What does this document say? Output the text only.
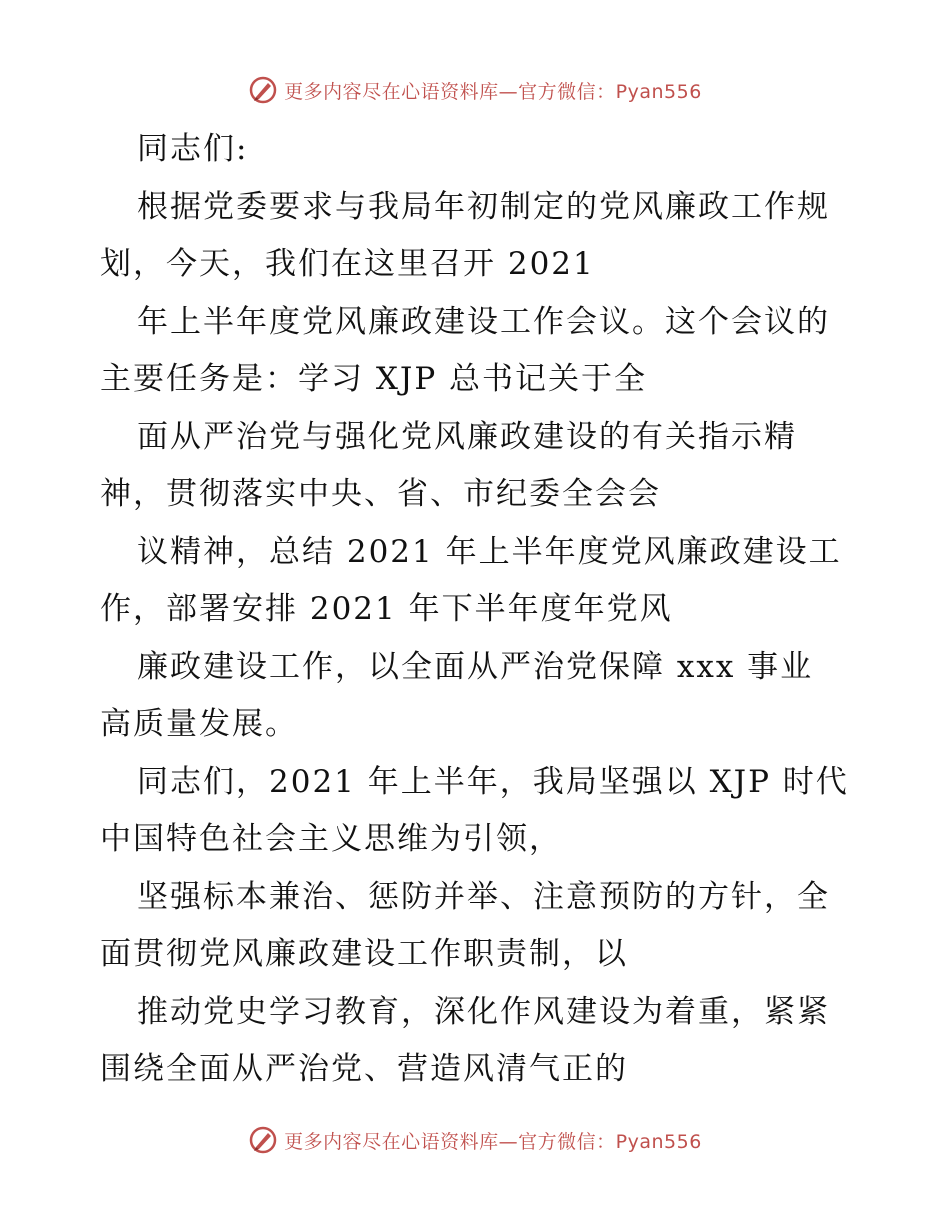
更多内容尽在心语资料库—官方微信：Pyan556
同志们:
根据党委要求与我局年初制定的党风廉政工作规
划，今天，我们在这里召开 2021
年上半年度党风廉政建设工作会议。这个会议的
主要任务是：学习 XJP 总书记关于全
面从严治党与强化党风廉政建设的有关指示精
神，贯彻落实中央、省、市纪委全会会
议精神，总结 2021 年上半年度党风廉政建设工
作，部署安排 2021 年下半年度年党风
廉政建设工作，以全面从严治党保障 xxx 事业
高质量发展。
同志们，2021 年上半年，我局坚强以 XJP 时代
中国特色社会主义思维为引领，
坚强标本兼治、惩防并举、注意预防的方针，全
面贯彻党风廉政建设工作职责制，以
推动党史学习教育，深化作风建设为着重，紧紧
围绕全面从严治党、营造风清气正的
更多内容尽在心语资料库—官方微信：Pyan556
